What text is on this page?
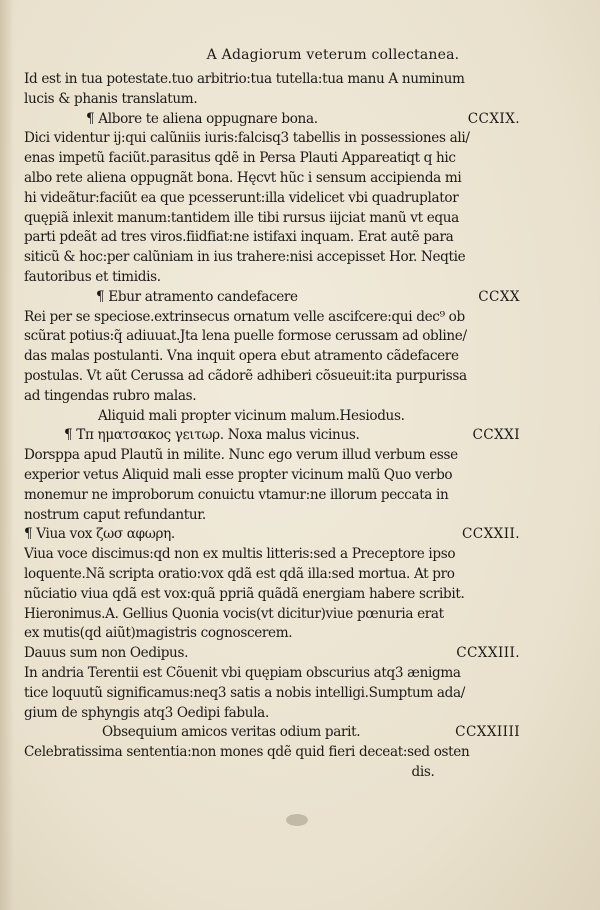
A Adagiorum veterum collectanea.
Id est in tua potestate.tuo arbitrio:tua tutella:tua manu A numinum
lucis & phanis translatum.
¶ Albore te aliena oppugnare bona.	CCXIX.
Dici videntur ij:qui calũniis iuris:falcisq3 tabellis in possessiones ali/
enas impetũ faciũt.parasitus qdẽ in Persa Plauti Appareatiqt q hic
albo rete aliena oppugnãt bona. Hęcvt hũc i sensum accipienda mi
hi videãtur:faciũt ea que pcesserunt:illa videlicet vbi quadruplator
quępiã inlexit manum:tantidem ille tibi rursus iijciat manũ vt equa
parti pdeãt ad tres viros.fiidfiat:ne istifaxi inquam. Erat autẽ para
siticũ & hoc:per calũniam in ius trahere:nisi accepisset Hor. Neqtie
fautoribus et timidis.
¶ Ebur atramento candefacere	CCXX
Rei per se speciose.extrinsecus ornatum velle ascifcere:qui dec⁹ ob
scũrat potius:q̃ adiuuat.Jta lena puelle formose cerussam ad obline/
das malas postulanti. Vna inquit opera ebut atramento cãdefacere
postulas. Vt aũt Cerussa ad cãdorẽ adhiberi cõsueuit:ita purpurissa
ad tingendas rubro malas.
Aliquid mali propter vicinum malum.Hesiodus.
¶ Τπ ηματσακος γειτωρ. Noxa malus vicinus.	CCXXI
Dorsppa apud Plautũ in milite. Nunc ego verum illud verbum esse
experior vetus Aliquid mali esse propter vicinum malũ Quo verbo
monemur ne improborum conuictu vtamur:ne illorum peccata in
nostrum caput refundantur.
¶ Viua vox ζωσ αφωρη.	CCXXII.
Viua voce discimus:qd non ex multis litteris:sed a Preceptore ipso
loquente.Nã scripta oratio:vox qdã est qdã illa:sed mortua. At pro
nũciatio viua qdã est vox:quã ppriã quãdã energiam habere scribit.
Hieronimus.A. Gellius Quonia vocis(vt dicitur)viue pœnuria erat
ex mutis(qd aiũt)magistris cognoscerem.
Dauus sum non Oedipus.	CCXXIII.
In andria Terentii est Cõuenit vbi quępiam obscurius atq3 ænigma
tice loquutũ significamus:neq3 satis a nobis intelligi.Sumptum ada/
gium de sphyngis atq3 Oedipi fabula.
Obsequium amicos veritas odium parit.	CCXXIIII
Celebratissima sententia:non mones qdẽ quid fieri deceat:sed osten
dis.
